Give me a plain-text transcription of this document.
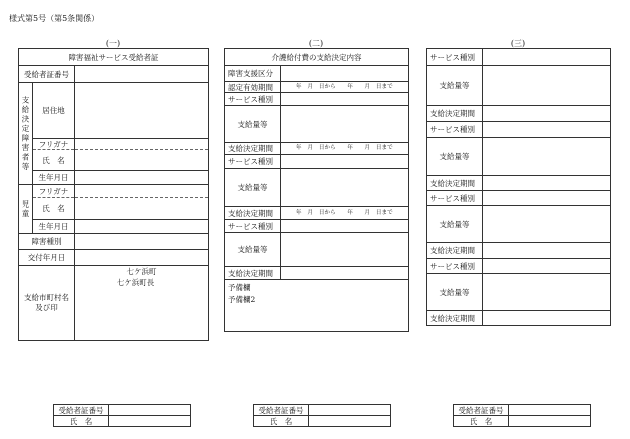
様式第5号（第5条関係）
(一)
障害福祉サービス受給者証		
受給者証番号		
支給決定障害者等	居住地	
	フリガナ	
	氏　名	
	生年月日	
児童	フリガナ	
	氏　名	
	生年月日	
障害種別		
交付年月日		
支給市町村名及び印		七ケ浜町
七ケ浜町長
(二)
介護給付費の支給決定内容	
障害支援区分	
認定有効期間	年　月　日から　　年　　月　日まで
サービス種別	
支給量等	
支給決定期間	年　月　日から　　年　　月　日まで
サービス種別	
支給量等	
支給決定期間	年　月　日から　　年　　月　日まで
サービス種別	
支給量等	
支給決定期間	

予備欄
予備欄2	
(三)
サービス種別	
支給量等	
支給決定期間	
サービス種別	
支給量等	
支給決定期間	
サービス種別	
支給量等	
支給決定期間	
サービス種別	
支給量等	
支給決定期間	
受給者証番号	
氏　名	
受給者証番号	
氏　名	
受給者証番号	
氏　名	
